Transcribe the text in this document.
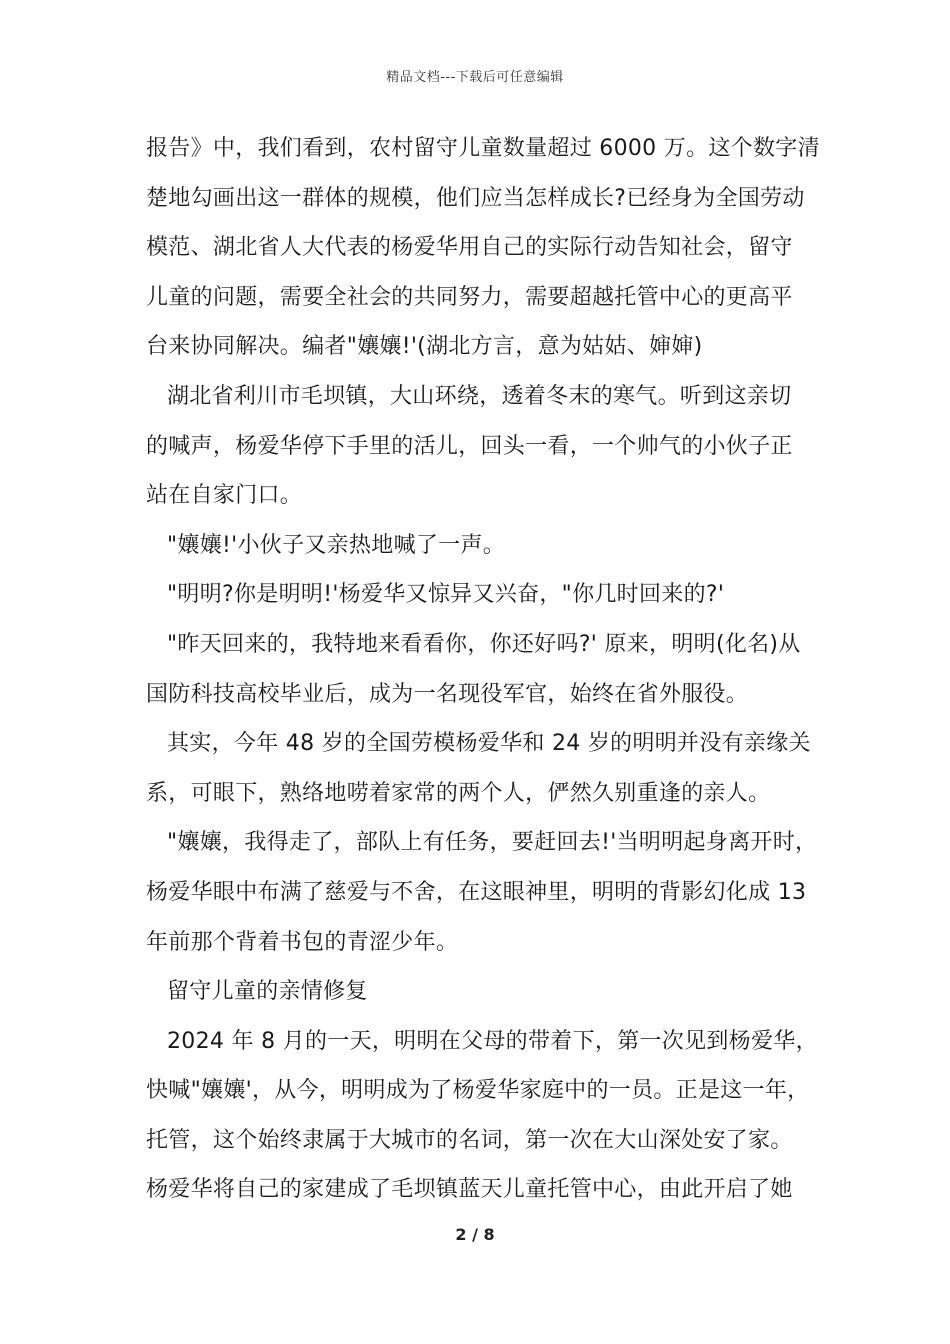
精品文档---下载后可任意编辑
报告》中，我们看到，农村留守儿童数量超过 6000 万。这个数字清
楚地勾画出这一群体的规模，他们应当怎样成长?已经身为全国劳动
模范、湖北省人大代表的杨爱华用自己的实际行动告知社会，留守
儿童的问题，需要全社会的共同努力，需要超越托管中心的更高平
台来协同解决。编者"孃孃!'(湖北方言，意为姑姑、婶婶)
湖北省利川市毛坝镇，大山环绕，透着冬末的寒气。听到这亲切
的喊声，杨爱华停下手里的活儿，回头一看，一个帅气的小伙子正
站在自家门口。
"孃孃!'小伙子又亲热地喊了一声。
"明明?你是明明!'杨爱华又惊异又兴奋，"你几时回来的?'
"昨天回来的，我特地来看看你，你还好吗?' 原来，明明(化名)从
国防科技高校毕业后，成为一名现役军官，始终在省外服役。
其实，今年 48 岁的全国劳模杨爱华和 24 岁的明明并没有亲缘关
系，可眼下，熟络地唠着家常的两个人，俨然久别重逢的亲人。
"孃孃，我得走了，部队上有任务，要赶回去!'当明明起身离开时，
杨爱华眼中布满了慈爱与不舍，在这眼神里，明明的背影幻化成 13
年前那个背着书包的青涩少年。
留守儿童的亲情修复
2024 年 8 月的一天，明明在父母的带着下，第一次见到杨爱华，
快喊"孃孃'，从今，明明成为了杨爱华家庭中的一员。正是这一年，
托管，这个始终隶属于大城市的名词，第一次在大山深处安了家。
杨爱华将自己的家建成了毛坝镇蓝天儿童托管中心，由此开启了她
2 / 8
